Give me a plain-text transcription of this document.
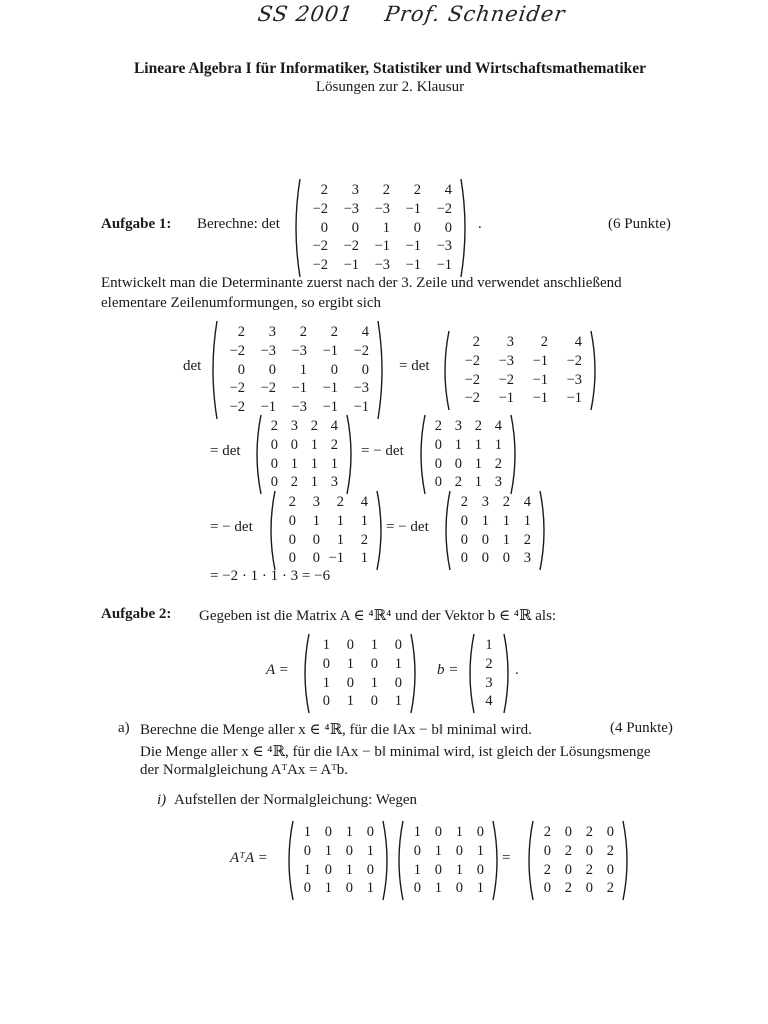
SS 2001 Prof. Schneider
Lineare Algebra I für Informatiker, Statistiker und Wirtschaftsmathematiker
Lösungen zur 2. Klausur
Aufgabe 1: Berechne: det
2	3	2	2	4
−2	−3	−3	−1	−2
0	0	1	0	0
−2	−2	−1	−1	−3
−2	−1	−3	−1	−1
.	(6 Punkte)
Entwickelt man die Determinante zuerst nach der 3. Zeile und verwendet anschließend elementare Zeilenumformungen, so ergibt sich
det
2	3	2	2	4
−2	−3	−3	−1	−2
0	0	1	0	0
−2	−2	−1	−1	−3
−2	−1	−3	−1	−1
= det
2	3	2	4
−2	−3	−1	−2
−2	−2	−1	−3
−2	−1	−1	−1
= det
2 3 2 4
0 0 1 2
0 1 1 1
0 2 1 3
= − det
2 3 2 4
0 1 1 1
0 0 1 2
0 2 1 3
= − det
2	3	2	4
0	1	1	1
0	0	1	2
0	0 −1	1
= − det
2 3 2 4
0 1 1 1
0 0 1 2
0 0 0 3
= −2 · 1 · 1 · 3 = −6
Aufgabe 2: Gegeben ist die Matrix A ∈ ⁴ℝ⁴ und der Vektor b ∈ ⁴ℝ als:
A =
1	0	1	0
0	1	0	1
1	0	1	0
0	1	0	1
b =
1
2
3
4
.
a) Berechne die Menge aller x ∈ ⁴ℝ, für die ‖Ax − b‖ minimal wird.	(4 Punkte)
Die Menge aller x ∈ ⁴ℝ, für die ‖Ax − b‖ minimal wird, ist gleich der Lösungsmenge
der Normalgleichung AᵀAx = Aᵀb.
i) Aufstellen der Normalgleichung: Wegen
AᵀA =
1 0 1 0
0 1 0 1
1 0 1 0
0 1 0 1
1 0 1 0
0 1 0 1
1 0 1 0
0 1 0 1
=
2 0 2 0
0 2 0 2
2 0 2 0
0 2 0 2
